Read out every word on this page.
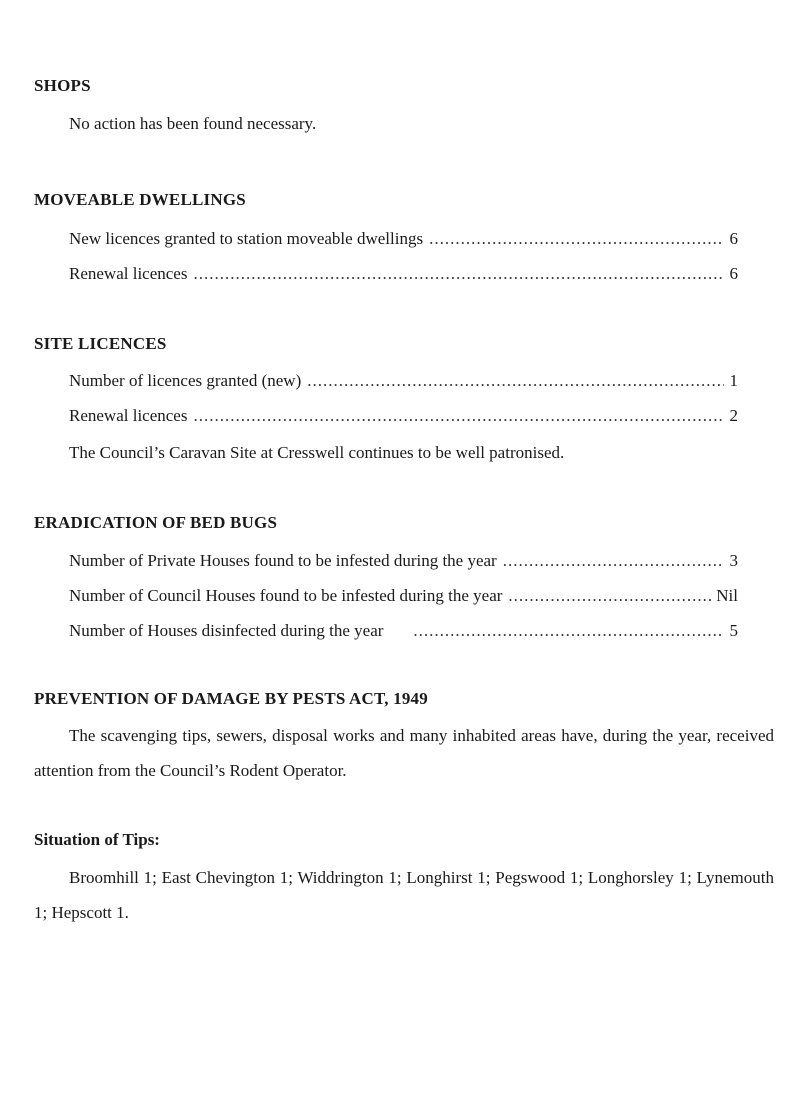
SHOPS

No action has been found necessary.

MOVEABLE DWELLINGS
New licences granted to station moveable dwellings .....	6
Renewal licences .....	6
SITE LICENCES
Number of licences granted (new) .....	1
Renewal licences .....	2

The Council’s Caravan Site at Cresswell continues to be well patronised.

ERADICATION OF BED BUGS
Number of Private Houses found to be infested during the year .....	3
Number of Council Houses found to be infested during the year .....	Nil
Number of Houses disinfected during the year .....	5
PREVENTION OF DAMAGE BY PESTS ACT, 1949

The scavenging tips, sewers, disposal works and many inhabited areas have, during the year, received attention from the Council’s Rodent Operator.

Situation of Tips:

Broomhill 1; East Chevington 1; Widdrington 1; Longhirst 1; Pegswood 1; Longhorsley 1; Lynemouth 1; Hepscott 1.
